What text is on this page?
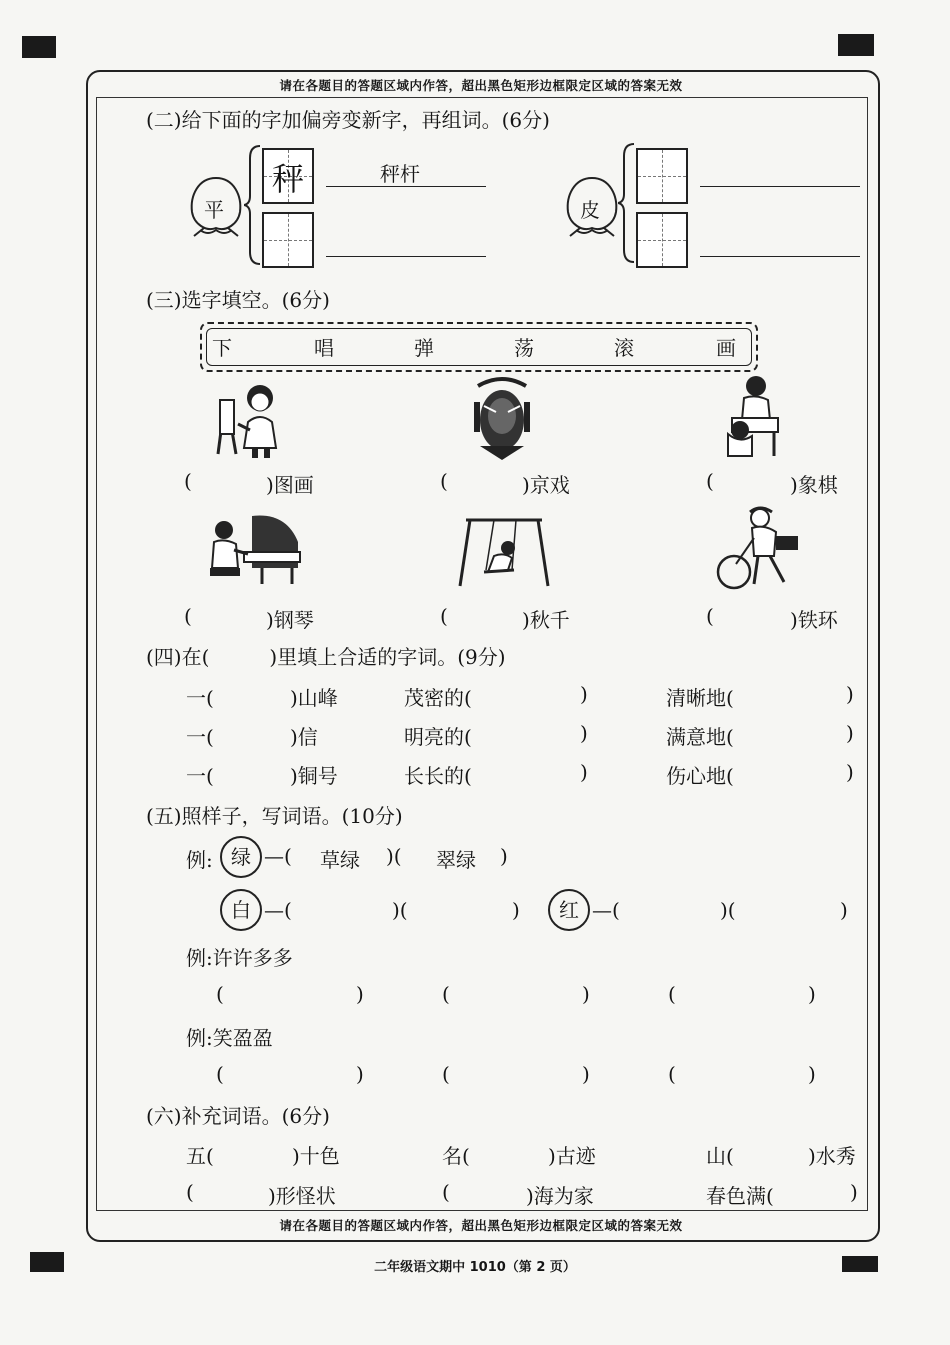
请在各题目的答题区域内作答，超出黑色矩形边框限定区域的答案无效
(二)给下面的字加偏旁变新字，再组词。(6分)
平
秤	秤杆
皮
(三)选字填空。(6分)
下	唱	弹	荡	滚	画
(	)图画	(	)京戏	(	)象棋
(	)钢琴	(	)秋千	(	)铁环
(四)在(　　　)里填上合适的字词。(9分)
一(	)山峰	茂密的(	)	清晰地(	)
一(	)信	明亮的(	)	满意地(	)
一(	)铜号	长长的(	)	伤心地(	)
(五)照样子，写词语。(10分)
例: 绿 —( 草绿 )( 翠绿 )
白 —(	)(	)	红 —(	)(	)
例:许许多多
(	)	(	)	(	)
例:笑盈盈
(	)	(	)	(	)
(六)补充词语。(6分)
五(	)十色	名(	)古迹	山(	)水秀
(	)形怪状	(	)海为家	春色满(	)
请在各题目的答题区域内作答，超出黑色矩形边框限定区域的答案无效
二年级语文期中 1010（第 2 页）
